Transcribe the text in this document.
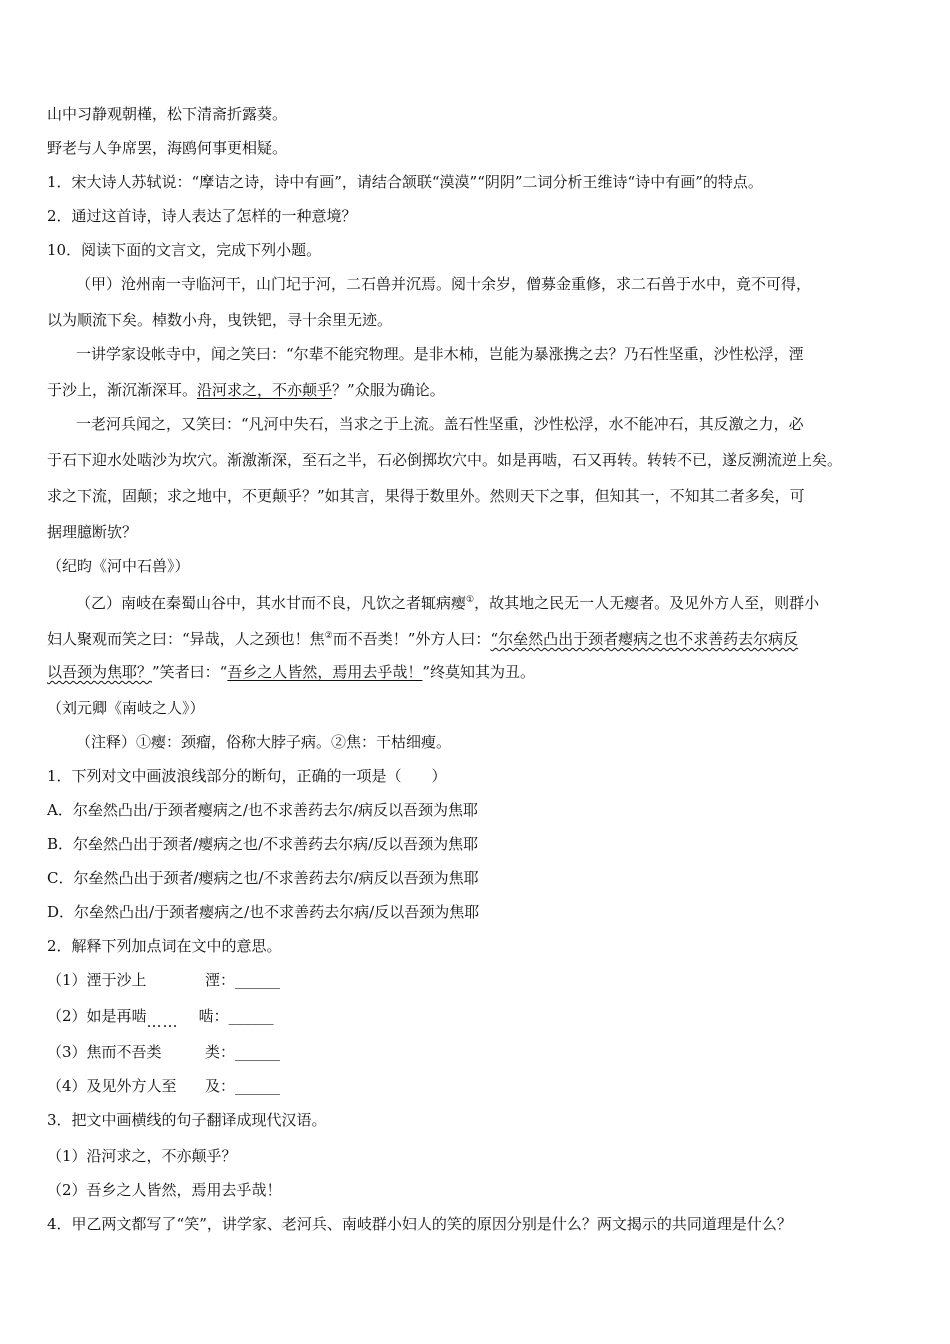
山中习静观朝槿，松下清斋折露葵。
野老与人争席罢，海鸥何事更相疑。
1．宋大诗人苏轼说：“摩诘之诗，诗中有画”，请结合颔联“漠漠”“阴阴”二词分析王维诗“诗中有画”的特点。
2．通过这首诗，诗人表达了怎样的一种意境？
10．阅读下面的文言文，完成下列小题。
（甲）沧州南一寺临河干，山门圮于河，二石兽并沉焉。阅十余岁，僧募金重修，求二石兽于水中，竟不可得，
以为顺流下矣。棹数小舟，曳铁钯，寻十余里无迹。
一讲学家设帐寺中，闻之笑曰：“尔辈不能究物理。是非木杮，岂能为暴涨携之去？乃石性坚重，沙性松浮，湮
于沙上，渐沉渐深耳。沿河求之，不亦颠乎？”众服为确论。
一老河兵闻之，又笑曰：“凡河中失石，当求之于上流。盖石性坚重，沙性松浮，水不能冲石，其反激之力，必
于石下迎水处啮沙为坎穴。渐激渐深，至石之半，石必倒掷坎穴中。如是再啮，石又再转。转转不已，遂反溯流逆上矣。
求之下流，固颠；求之地中，不更颠乎？”如其言，果得于数里外。然则天下之事，但知其一，不知其二者多矣，可
据理臆断欤？
（纪昀《河中石兽》）
（乙）南岐在秦蜀山谷中，其水甘而不良，凡饮之者辄病瘿①，故其地之民无一人无瘿者。及见外方人至，则群小
妇人聚观而笑之曰：“异哉，人之颈也！焦②而不吾类！”外方人曰：“尔垒然凸出于颈者瘿病之也不求善药去尔病反
以吾颈为焦耶？”笑者曰：“吾乡之人皆然，焉用去乎哉！”终莫知其为丑。
（刘元卿《南岐之人》）
（注释）①瘿：颈瘤，俗称大脖子病。②焦：干枯细瘦。
1．下列对文中画波浪线部分的断句，正确的一项是（　　）
A．尔垒然凸出/于颈者瘿病之/也不求善药去尔/病反以吾颈为焦耶
B．尔垒然凸出于颈者/瘿病之也/不求善药去尔病/反以吾颈为焦耶
C．尔垒然凸出于颈者/瘿病之也/不求善药去尔/病反以吾颈为焦耶
D．尔垒然凸出/于颈者瘿病之/也不求善药去尔病/反以吾颈为焦耶
2．解释下列加点词在文中的意思。
（1）湮于沙上	湮：______
（2）如是再啮…… 啮：______
（3）焦而不吾类	类：______
（4）及见外方人至 及：______
3．把文中画横线的句子翻译成现代汉语。
（1）沿河求之，不亦颠乎？
（2）吾乡之人皆然，焉用去乎哉！
4．甲乙两文都写了“笑”，讲学家、老河兵、南岐群小妇人的笑的原因分别是什么？两文揭示的共同道理是什么？
